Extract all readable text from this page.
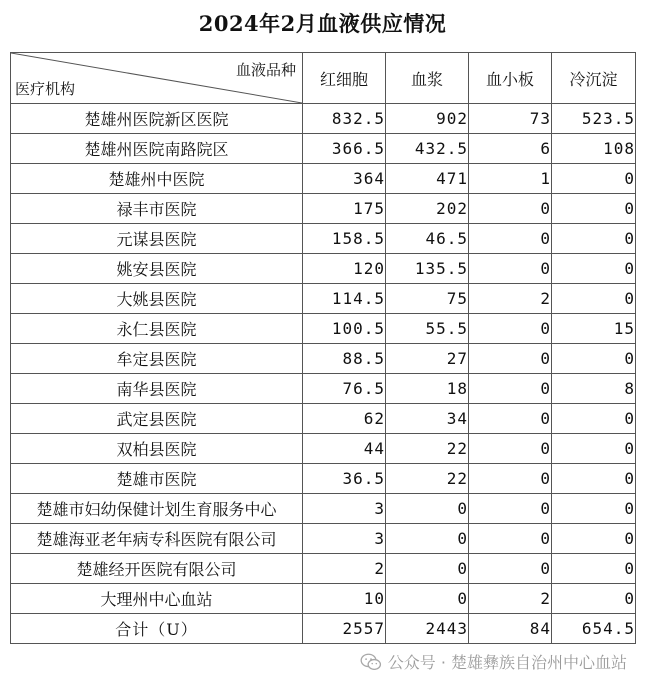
2024年2月血液供应情况
血液品种
医疗机构	红细胞	血浆	血小板	冷沉淀
楚雄州医院新区医院	832.5	902	73	523.5
楚雄州医院南路院区	366.5	432.5	6	108
楚雄州中医院	364	471	1	0
禄丰市医院	175	202	0	0
元谋县医院	158.5	46.5	0	0
姚安县医院	120	135.5	0	0
大姚县医院	114.5	75	2	0
永仁县医院	100.5	55.5	0	15
牟定县医院	88.5	27	0	0
南华县医院	76.5	18	0	8
武定县医院	62	34	0	0
双柏县医院	44	22	0	0
楚雄市医院	36.5	22	0	0
楚雄市妇幼保健计划生育服务中心	3	0	0	0
楚雄海亚老年病专科医院有限公司	3	0	0	0
楚雄经开医院有限公司	2	0	0	0
大理州中心血站	10	0	2	0
合计（U）	2557	2443	84	654.5
公众号 · 楚雄彝族自治州中心血站
